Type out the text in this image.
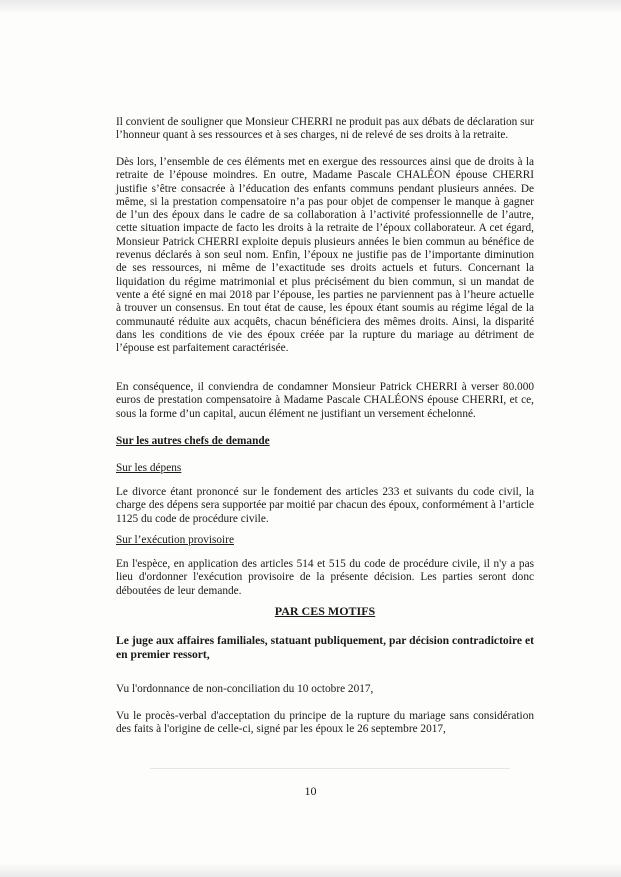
Il convient de souligner que Monsieur CHERRI ne produit pas aux débats de déclaration sur l’honneur quant à ses ressources et à ses charges, ni de relevé de ses droits à la retraite.

Dès lors, l’ensemble de ces éléments met en exergue des ressources ainsi que de droits à la retraite de l’épouse moindres. En outre, Madame Pascale CHALÉON épouse CHERRI justifie s’être consacrée à l’éducation des enfants communs pendant plusieurs années. De même, si la prestation compensatoire n’a pas pour objet de compenser le manque à gagner de l’un des époux dans le cadre de sa collaboration à l’activité professionnelle de l’autre, cette situation impacte de facto les droits à la retraite de l’époux collaborateur. A cet égard, Monsieur Patrick CHERRI exploite depuis plusieurs années le bien commun au bénéfice de revenus déclarés à son seul nom. Enfin, l’époux ne justifie pas de l’importante diminution de ses ressources, ni même de l’exactitude ses droits actuels et futurs. Concernant la liquidation du régime matrimonial et plus précisément du bien commun, si un mandat de vente a été signé en mai 2018 par l’épouse, les parties ne parviennent pas à l’heure actuelle à trouver un consensus. En tout état de cause, les époux étant soumis au régime légal de la communauté réduite aux acquêts, chacun bénéficiera des mêmes droits. Ainsi, la disparité dans les conditions de vie des époux créée par la rupture du mariage au détriment de l’épouse est parfaitement caractérisée.

En conséquence, il conviendra de condamner Monsieur Patrick CHERRI à verser 80.000 euros de prestation compensatoire à Madame Pascale CHALÉONS épouse CHERRI, et ce, sous la forme d’un capital, aucun élément ne justifiant un versement échelonné.

Sur les autres chefs de demande

Sur les dépens

Le divorce étant prononcé sur le fondement des articles 233 et suivants du code civil, la charge des dépens sera supportée par moitié par chacun des époux, conformément à l’article 1125 du code de procédure civile.

Sur l’exécution provisoire

En l'espèce, en application des articles 514 et 515 du code de procédure civile, il n'y a pas lieu d'ordonner l'exécution provisoire de la présente décision. Les parties seront donc déboutées de leur demande.

PAR CES MOTIFS

Le juge aux affaires familiales, statuant publiquement, par décision contradictoire et en premier ressort,

Vu l'ordonnance de non-conciliation du 10 octobre 2017,

Vu le procès-verbal d'acceptation du principe de la rupture du mariage sans considération des faits à l'origine de celle-ci, signé par les époux le 26 septembre 2017,

10
